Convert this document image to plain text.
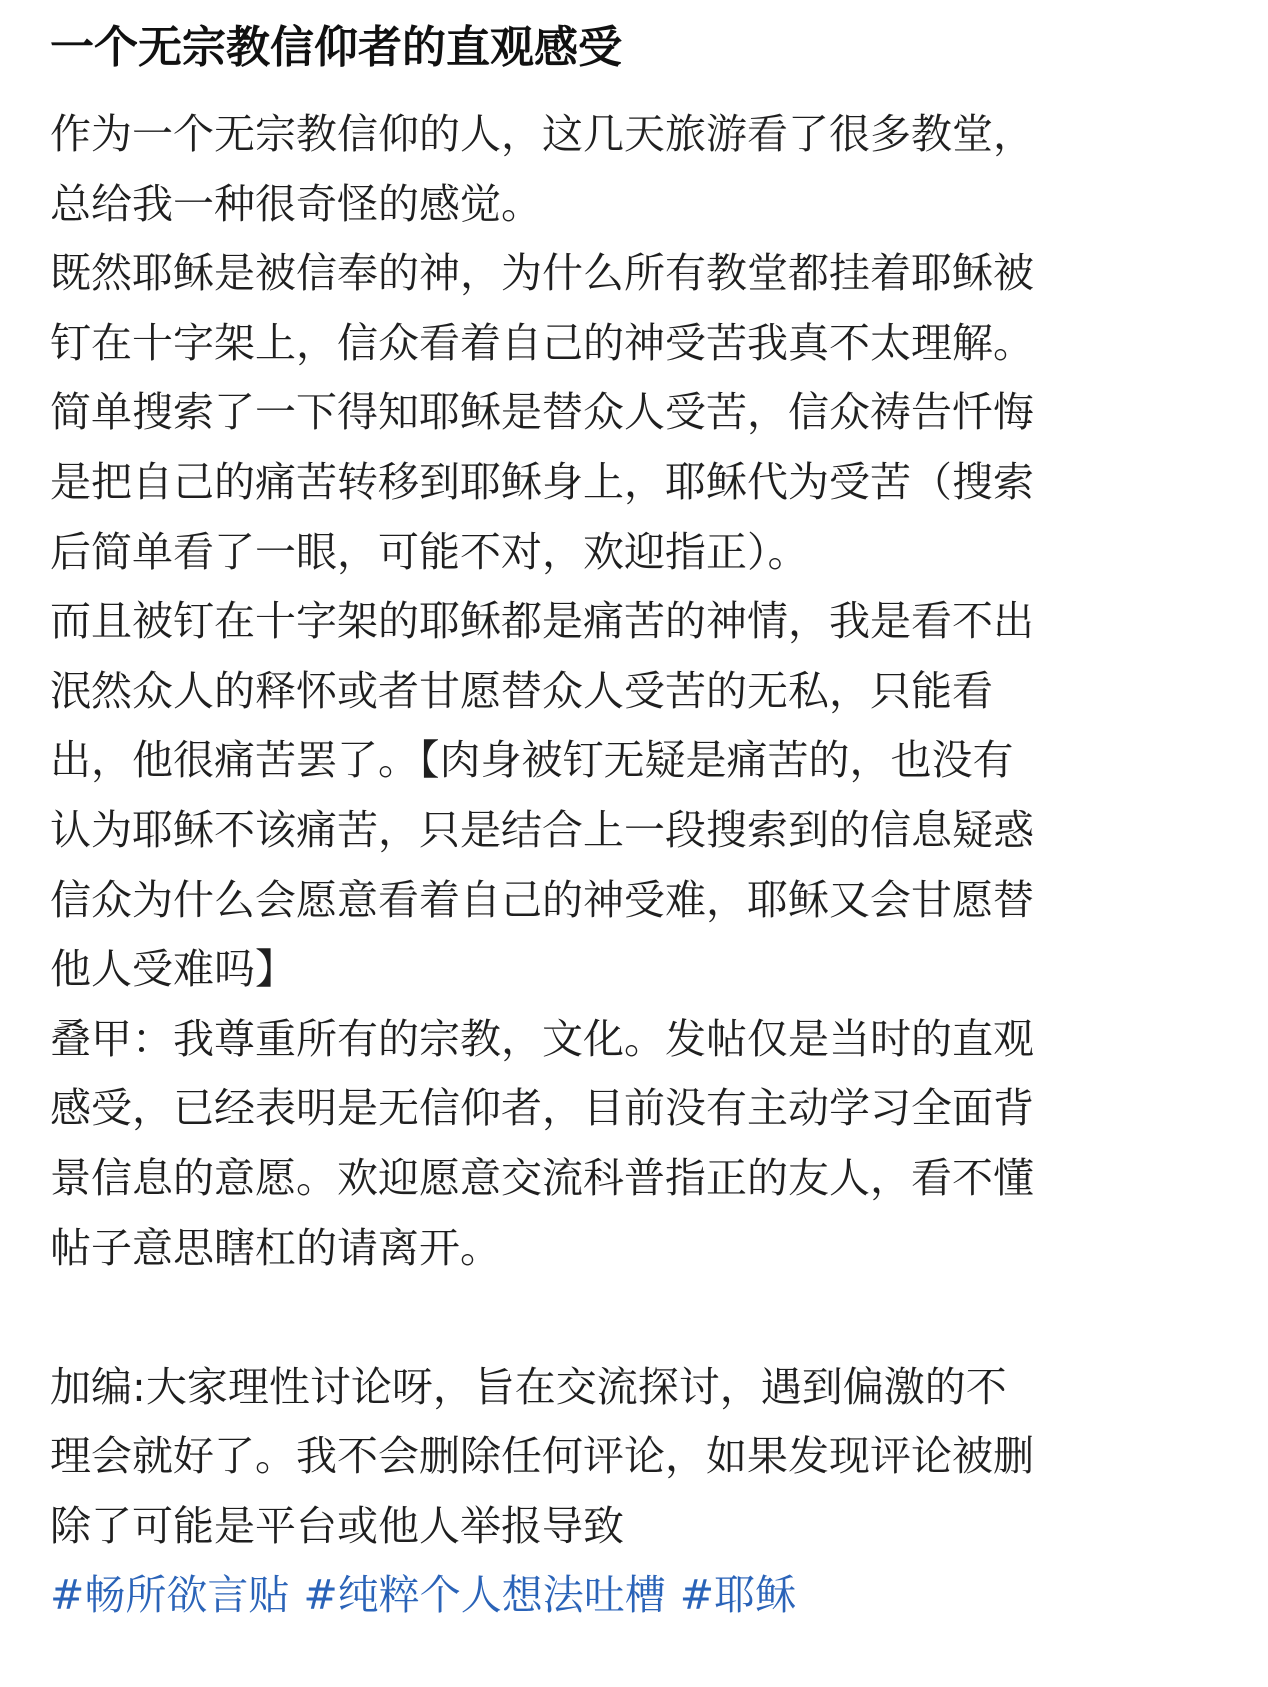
一个无宗教信仰者的直观感受
作为一个无宗教信仰的人，这几天旅游看了很多教堂，
总给我一种很奇怪的感觉。
既然耶稣是被信奉的神，为什么所有教堂都挂着耶稣被
钉在十字架上，信众看着自己的神受苦我真不太理解。
简单搜索了一下得知耶稣是替众人受苦，信众祷告忏悔
是把自己的痛苦转移到耶稣身上，耶稣代为受苦（搜索
后简单看了一眼，可能不对，欢迎指正）。
而且被钉在十字架的耶稣都是痛苦的神情，我是看不出
泯然众人的释怀或者甘愿替众人受苦的无私，只能看
出，他很痛苦罢了。【肉身被钉无疑是痛苦的，也没有
认为耶稣不该痛苦，只是结合上一段搜索到的信息疑惑
信众为什么会愿意看着自己的神受难，耶稣又会甘愿替
他人受难吗】
叠甲：我尊重所有的宗教，文化。发帖仅是当时的直观
感受，已经表明是无信仰者，目前没有主动学习全面背
景信息的意愿。欢迎愿意交流科普指正的友人，看不懂
帖子意思瞎杠的请离开。
加编:大家理性讨论呀，旨在交流探讨，遇到偏激的不
理会就好了。我不会删除任何评论，如果发现评论被删
除了可能是平台或他人举报导致
#畅所欲言贴 #纯粹个人想法吐槽 #耶稣
